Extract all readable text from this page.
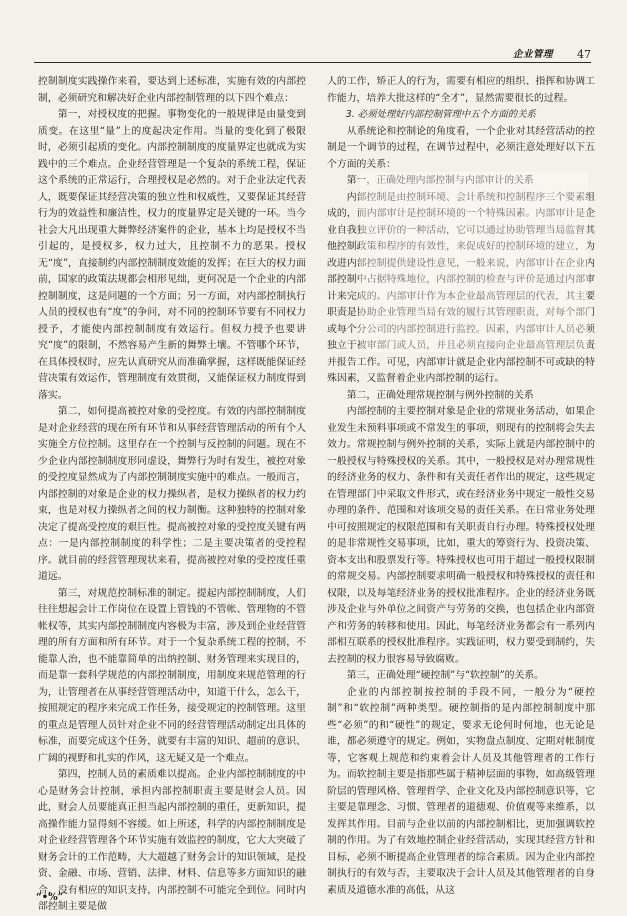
企业管理 47

控制制度实践操作来看，要达到上述标准，实施有效的内部控制，必须研究和解决好企业内部控制管理的以下四个难点：

第一，对授权度的把握。事物变化的一般规律是由量变到质变。在这里“量”上的度起决定作用。当量的变化到了极限时，必须引起质的变化。内部控制制度的度量界定也就成为实践中的三个难点。企业经营管理是一个复杂的系统工程，保证这个系统的正常运行，合理授权是必然的。对于企业法定代表人，既要保证其经营决策的独立性和权威性，又要保证其经营行为的效益性和廉洁性，权力的度量界定是关键的一环。当今社会大凡出现重大舞弊经济案件的企业，基本上均是授权不当引起的，是授权多，权力过大，且控制不力的恶果。授权无“度”，直接制约内部控制制度效能的发挥；在巨大的权力面前，国家的政策法规都会相形见绌，更何况是一个企业的内部控制制度，这是问题的一个方面；另一方面，对内部控制执行人员的授权也有“度”的争问，对不同的控制环节要有不同权力授予，才能使内部控制制度有效运行。但权力授予也要讲究“度”的限制，不然容易产生新的舞弊土壤。不管哪个环节，在具体授权时，应先认真研究从而准确掌握，这样既能保证经营决策有效运作，管理制度有效贯彻，又能保证权力制度得到落实。

第二，如何提高被控对象的受控度。有效的内部控制制度是对企业经营的现在所有环节和从事经营管理活动的所有个人实施全方位控制。这里存在一个控制与反控制的问题。现在不少企业内部控制制度形同虚设，舞弊行为时有发生，被控对象的受控度显然成为了内部控制制度实施中的难点。一般而言，内部控制的对象是企业的权力操纵者，是权力操纵者的权力约束，也是对权力操纵者之间的权力制衡。这种独特的控制对象决定了提高受控度的艰巨性。提高被控对象的受控度关键有两点：一是内部控制制度的科学性；二是主要决策者的受控程序。就目前的经营管理现状来看，提高被控对象的受控度任重道远。

第三，对规范控制标准的制定。提起内部控制制度，人们往往想起会计工作岗位在设置上管钱的不管帐、管理物的不管帐权等，其实内部控制制度内容极为丰富，涉及到企业经营管理的所有方面和所有环节。对于一个复杂系统工程的控制，不能靠人治，也不能靠简单的出纳控制、财务管理来实现目的，而是靠一套科学规范的内部控制制度，用制度来规范管理的行为，让管理者在从事经营管理活动中，知道干什么，怎么干，按照规定的程序来完成工作任务，接受规定的控制管理。这里的重点是管理人员针对企业不同的经营管理活动制定出具体的标准，而要完成这个任务，就要有丰富的知识、超前的意识、广阔的视野和扎实的作风，这无疑又是一个难点。

第四，控制人员的素质难以提高。企业内部控制制度的中心是财务会计控制，承担内部控制职责主要是财会人员。因此，财会人员要能真正担当起内部控制的重任，更新知识，提高操作能力显得刻不容缓。如上所述，科学的内部控制制度是对企业经营管理各个环节实施有效监控的制度，它大大突破了财务会计的工作范畴，大大超越了财务会计的知识领域，是投资、金融、市场、营销、法律、材料、信息等多方面知识的融合，没有相应的知识支持，内部控制不可能完全到位。同时内部控制主要是做

人的工作，矫正人的行为，需要有相应的组织、指挥和协调工作能力，培养大批这样的“全才”，显然需要很长的过程。

3. 必须处理好内部控制管理中五个方面的关系

从系统论和控制论的角度看，一个企业对其经营活动的控制是一个调节的过程，在调节过程中，必须注意处理好以下五个方面的关系：

第一，正确处理内部控制与内部审计的关系

内部控制是由控制环境、会计系统和控制程序三个要素组成的，而内部审计是控制环境的一个特殊因素。内部审计是企业自我独立评价的一种活动，它可以通过协助管理当局监督其他控制政策和程序的有效性，来促成好的控制环境的建立，为改进内部控制提供建设性意见，一般来说，内部审计在企业内部控制中占据特殊地位，内部控制的检查与评价是通过内部审计来完成的。内部审计作为本企业最高管理层的代表，其主要职责是协助企业管理当局有效的履行其管理职责，对每个部门或每个分公司的内部控制进行监控。因素，内部审计人员必须独立于被审部门或人员，并且必须直接向企业最高管理层负责并报告工作。可见，内部审计就是企业内部控制不可或缺的特殊因素，又监督着企业内部控制的运行。

第二，正确处理常规控制与例外控制的关系

内部控制的主要控制对象是企业的常规业务活动，如果企业发生未预料事项或不常发生的事项，则现有的控制将会失去效力。常规控制与例外控制的关系，实际上就是内部控制中的一般授权与特殊授权的关系。其中，一般授权是对办理常规性的经济业务的权力、条件和有关责任者作出的规定，这些规定在管理部门中采取文件形式，或在经济业务中规定一般性交易办理的条件、范围和对该项交易的责任关系。在日常业务处理中可按照规定的权限范围和有关职责自行办理。特殊授权处理的是非常规性交易事项，比如，重大的筹资行为、投资决策、资本支出和股票发行等。特殊授权也可用于超过一般授权限制的常规交易。内部控制要求明确一般授权和特殊授权的责任和权限，以及每笔经济业务的授权批准程序。企业的经济业务既涉及企业与外单位之间资产与劳务的交换，也包括企业内部资产和劳务的转移和使用。因此，每笔经济业务都会有一系列内部相互联系的授权批准程序。实践证明，权力要受到制约，失去控制的权力很容易导致腐败。

第三，正确处理“硬控制”与“软控制”的关系。

企业的内部控制按控制的手段不同，一般分为“硬控制”和“软控制”两种类型。硬控制指的是内部控制制度中那些“必须”的和“硬性”的规定，要求无论何时何地，也无论是谁，都必须遵守的规定。例如，实物盘点制度、定期对帐制度等，它客观上规范和约束着会计人员及其他管理者的工作行为。而软控制主要是指那些属于精神层面的事物，如高级管理阶层的管理风格、管理哲学、企业文化及内部控制意识等，它主要是靠理念、习惯、管理者的道德观、价值观等来维系，以发挥其作用。目前与企业以前的内部控制相比，更加强调软控制的作用。为了有效地控制企业经营活动，实现其经营方针和目标，必须不断提高企业管理者的综合素质。因为企业内部控制执行的有效与否，主要取决于会计人员及其他管理者的自身素质及道德水准的高低，从这

“•%”
